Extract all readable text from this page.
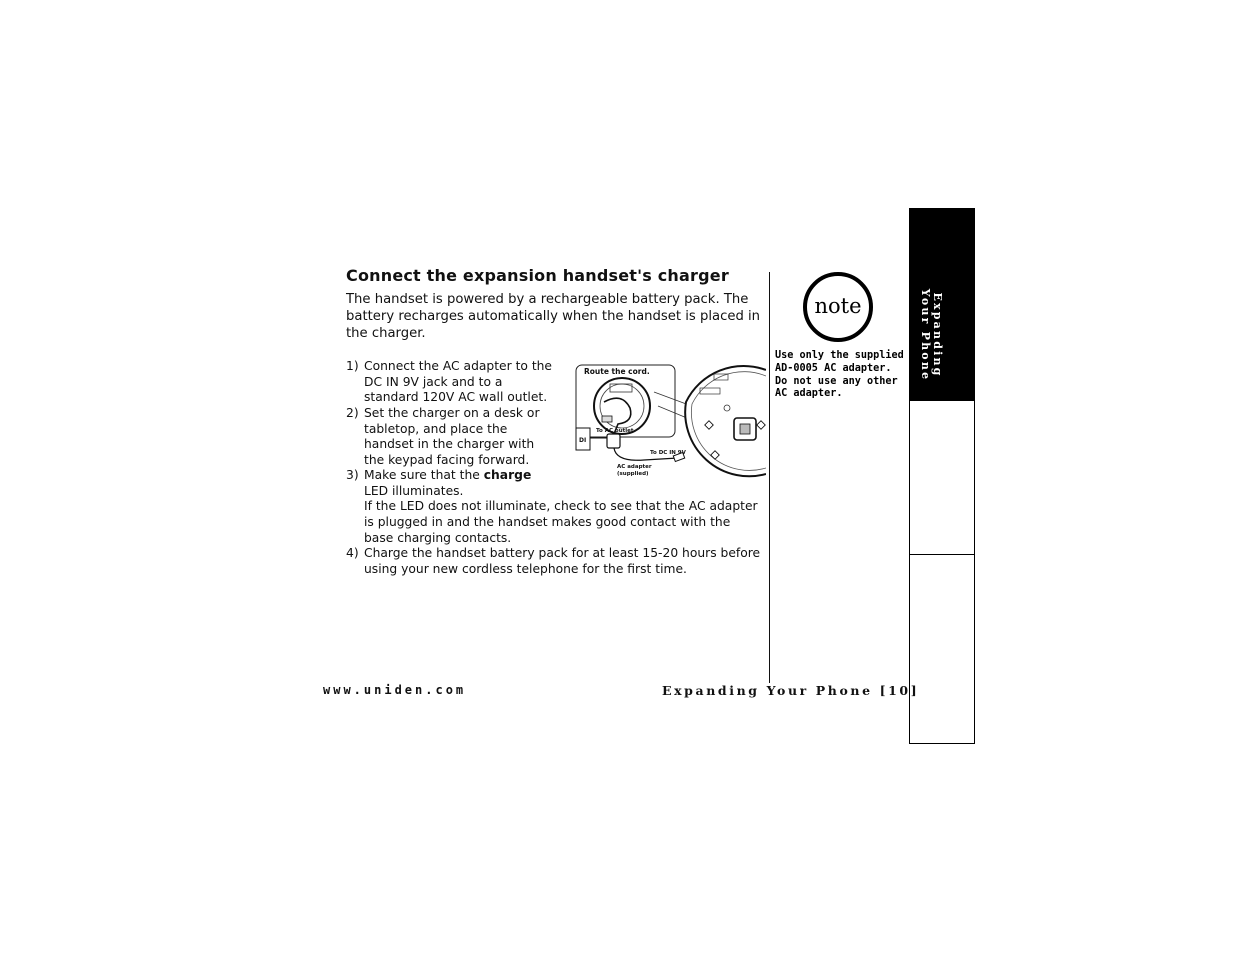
Connect the expansion handset's charger
The handset is powered by a rechargeable battery pack. The battery recharges automatically when the handset is placed in the charger.
1) Connect the AC adapter to the DC IN 9V jack and to a standard 120V AC wall outlet.
2) Set the charger on a desk or tabletop, and place the handset in the charger with the keypad facing forward.
3) Make sure that the charge LED illuminates.
If the LED does not illuminate, check to see that the AC adapter is plugged in and the handset makes good contact with the base charging contacts.
4) Charge the handset battery pack for at least 15-20 hours before using your new cordless telephone for the first time.
Route the cord.
DI
To AC outlet
To DC IN 9V
AC adapter
(supplied)
note
Use only the supplied AD-0005 AC adapter. Do not use any other AC adapter.
www.uniden.com	Expanding Your Phone [10]
Expanding Your Phone
